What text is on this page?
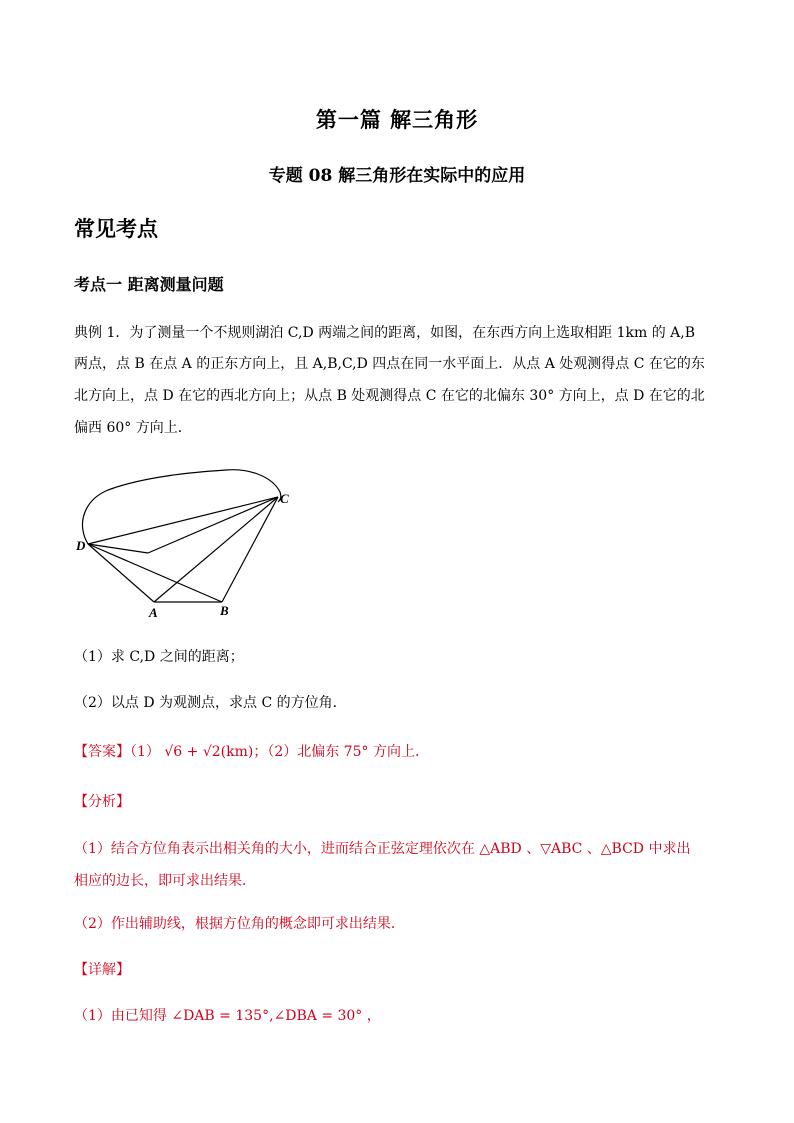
第一篇 解三角形
专题 08 解三角形在实际中的应用
常见考点
考点一 距离测量问题
典例 1．为了测量一个不规则湖泊 C,D 两端之间的距离，如图，在东西方向上选取相距 1km 的 A,B
两点，点 B 在点 A 的正东方向上，且 A,B,C,D 四点在同一水平面上．从点 A 处观测得点 C 在它的东
北方向上，点 D 在它的西北方向上；从点 B 处观测得点 C 在它的北偏东 30° 方向上，点 D 在它的北
偏西 60° 方向上．
C
D
A	B
（1）求 C,D 之间的距离；
（2）以点 D 为观测点，求点 C 的方位角．
【答案】（1） √6 + √2(km)；（2）北偏东 75° 方向上．
【分析】
（1）结合方位角表示出相关角的大小，进而结合正弦定理依次在 △ABD 、▽ABC 、△BCD 中求出
相应的边长，即可求出结果．
（2）作出辅助线，根据方位角的概念即可求出结果．
【详解】
（1）由已知得 ∠DAB = 135°,∠DBA = 30° ，
